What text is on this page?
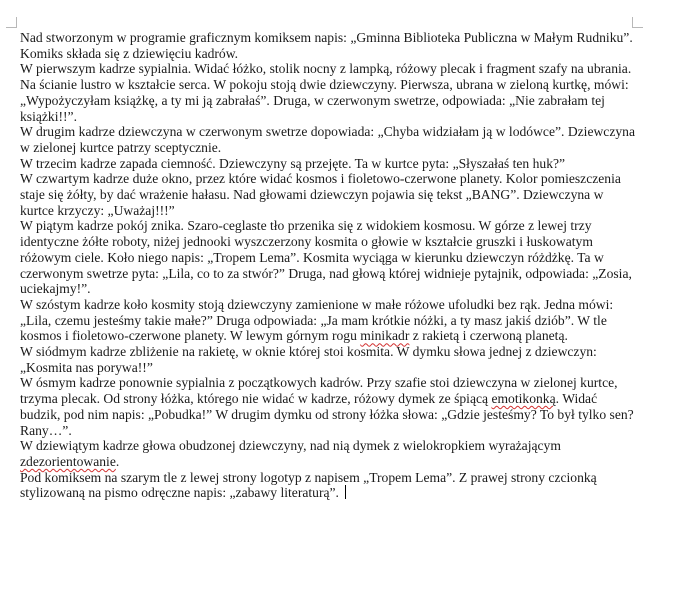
Nad stworzonym w programie graficznym komiksem napis: „Gminna Biblioteka Publiczna w Małym Rudniku”. Komiks składa się z dziewięciu kadrów.

W pierwszym kadrze sypialnia. Widać łóżko, stolik nocny z lampką, różowy plecak i fragment szafy na ubrania. Na ścianie lustro w kształcie serca. W pokoju stoją dwie dziewczyny. Pierwsza, ubrana w zieloną kurtkę, mówi: „Wypożyczyłam książkę, a ty mi ją zabrałaś”. Druga, w czerwonym swetrze, odpowiada: „Nie zabrałam tej książki!!”.

W drugim kadrze dziewczyna w czerwonym swetrze dopowiada: „Chyba widziałam ją w lodówce”. Dziewczyna w zielonej kurtce patrzy sceptycznie.

W trzecim kadrze zapada ciemność. Dziewczyny są przejęte. Ta w kurtce pyta: „Słyszałaś ten huk?”

W czwartym kadrze duże okno, przez które widać kosmos i fioletowo-czerwone planety. Kolor pomieszczenia staje się żółty, by dać wrażenie hałasu. Nad głowami dziewczyn pojawia się tekst „BANG”. Dziewczyna w kurtce krzyczy: „Uważaj!!!”

W piątym kadrze pokój znika. Szaro-ceglaste tło przenika się z widokiem kosmosu. W górze z lewej trzy identyczne żółte roboty, niżej jednooki wyszczerzony kosmita o głowie w kształcie gruszki i łuskowatym różowym ciele. Koło niego napis: „Tropem Lema”. Kosmita wyciąga w kierunku dziewczyn różdżkę. Ta w czerwonym swetrze pyta: „Lila, co to za stwór?” Druga, nad głową której widnieje pytajnik, odpowiada: „Zosia, uciekajmy!”.

W szóstym kadrze koło kosmity stoją dziewczyny zamienione w małe różowe ufoludki bez rąk. Jedna mówi: „Lila, czemu jesteśmy takie małe?” Druga odpowiada: „Ja mam krótkie nóżki, a ty masz jakiś dziób”. W tle kosmos i fioletowo-czerwone planety. W lewym górnym rogu minikadr z rakietą i czerwoną planetą.

W siódmym kadrze zbliżenie na rakietę, w oknie której stoi kosmita. W dymku słowa jednej z dziewczyn: „Kosmita nas porywa!!”

W ósmym kadrze ponownie sypialnia z początkowych kadrów. Przy szafie stoi dziewczyna w zielonej kurtce, trzyma plecak. Od strony łóżka, którego nie widać w kadrze, różowy dymek ze śpiącą emotikonką. Widać budzik, pod nim napis: „Pobudka!” W drugim dymku od strony łóżka słowa: „Gdzie jesteśmy? To był tylko sen? Rany…”.

W dziewiątym kadrze głowa obudzonej dziewczyny, nad nią dymek z wielokropkiem wyrażającym zdezorientowanie.

Pod komiksem na szarym tle z lewej strony logotyp z napisem „Tropem Lema”. Z prawej strony czcionką stylizowaną na pismo odręczne napis: „zabawy literaturą”.
